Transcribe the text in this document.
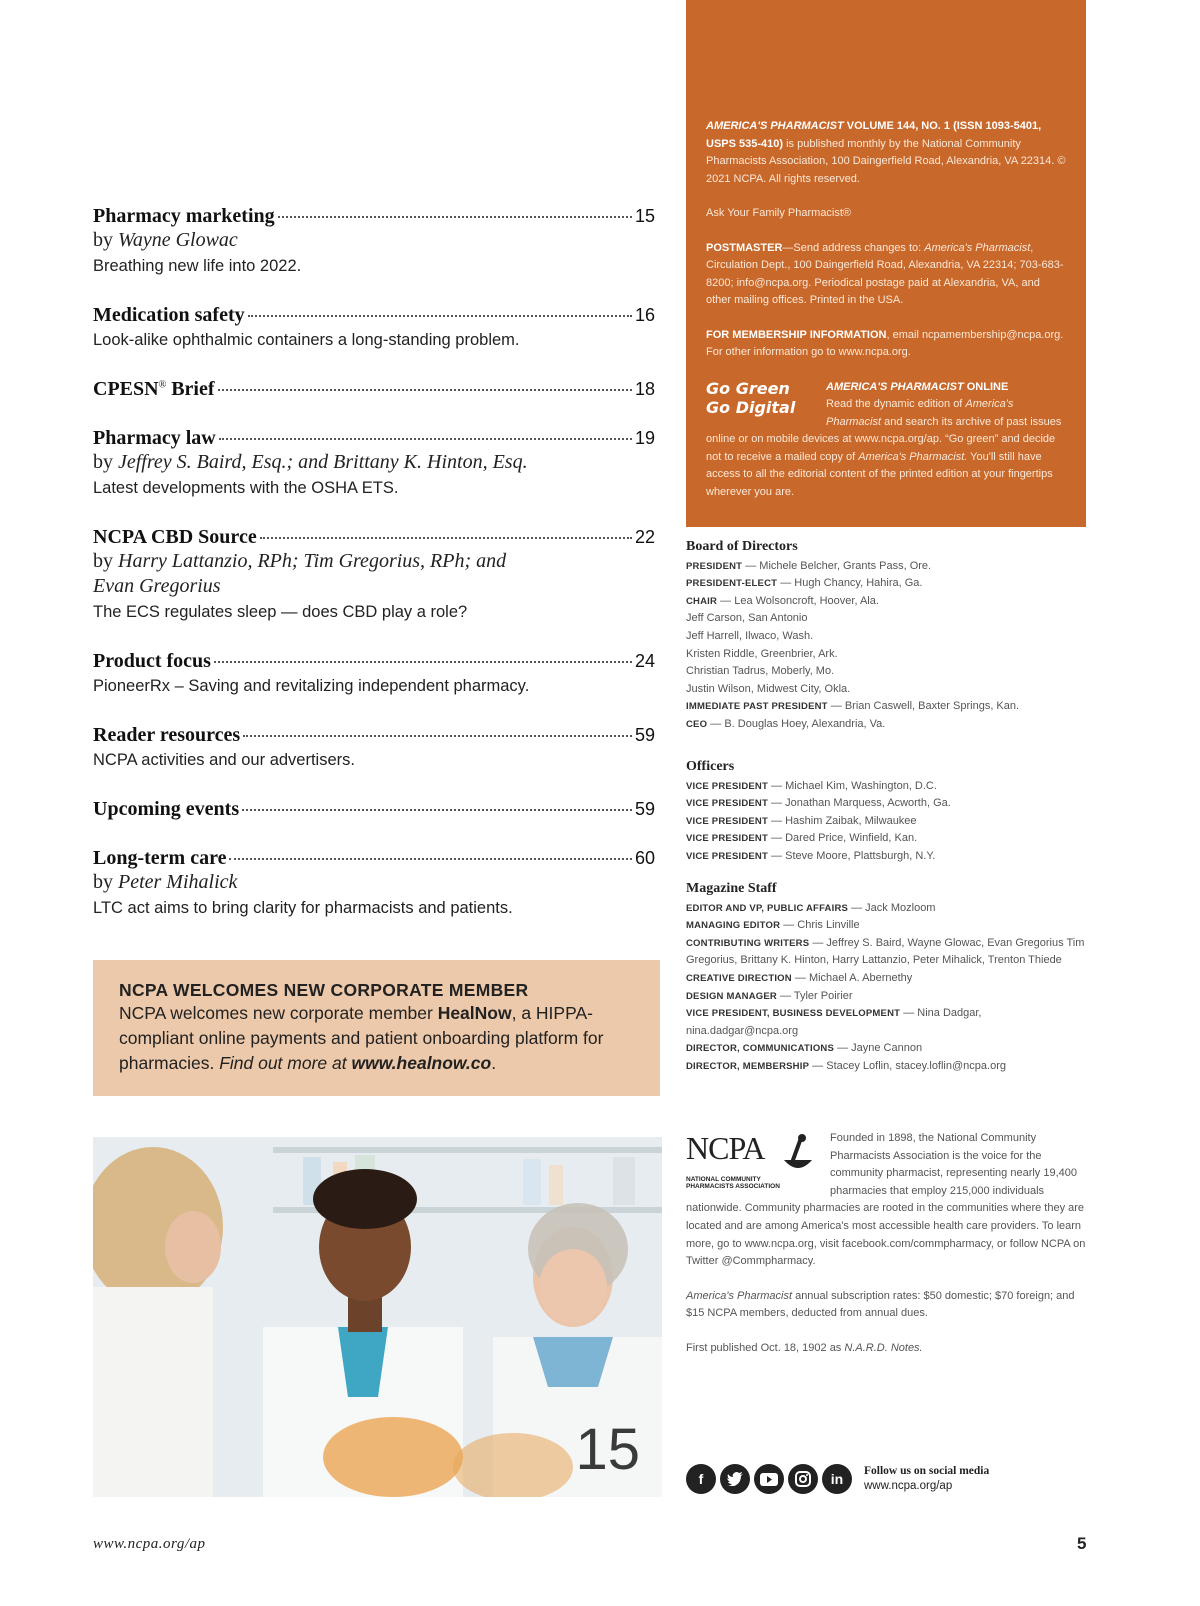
Pharmacy marketing	15
by Wayne Glowac
Breathing new life into 2022.
Medication safety	16
Look-alike ophthalmic containers a long-standing problem.
CPESN® Brief	18
Pharmacy law	19
by Jeffrey S. Baird, Esq.; and Brittany K. Hinton, Esq.
Latest developments with the OSHA ETS.
NCPA CBD Source	22
by Harry Lattanzio, RPh; Tim Gregorius, RPh; and
Evan Gregorius
The ECS regulates sleep — does CBD play a role?
Product focus	24
PioneerRx – Saving and revitalizing independent pharmacy.
Reader resources	59
NCPA activities and our advertisers.
Upcoming events	59
Long-term care	60
by Peter Mihalick
LTC act aims to bring clarity for pharmacists and patients.
NCPA WELCOMES NEW CORPORATE MEMBER
NCPA welcomes new corporate member HealNow, a HIPPA-compliant online payments and patient onboarding platform for pharmacies. Find out more at www.healnow.co.
15

AMERICA'S PHARMACIST VOLUME 144, NO. 1 (ISSN 1093-5401, USPS 535-410) is published monthly by the National Community Pharmacists Association, 100 Daingerfield Road, Alexandria, VA 22314. © 2021 NCPA. All rights reserved.

Ask Your Family Pharmacist®

POSTMASTER—Send address changes to: America's Pharmacist, Circulation Dept., 100 Daingerfield Road, Alexandria, VA 22314; 703-683-8200; info@ncpa.org. Periodical postage paid at Alexandria, VA, and other mailing offices. Printed in the USA.

FOR MEMBERSHIP INFORMATION, email ncpamembership@ncpa.org. For other information go to www.ncpa.org.

Go Green
Go Digital
AMERICA'S PHARMACIST ONLINE
Read the dynamic edition of America's Pharmacist and search its archive of past issues online or on mobile devices at www.ncpa.org/ap. “Go green” and decide not to receive a mailed copy of America's Pharmacist. You'll still have access to all the editorial content of the printed edition at your fingertips wherever you are.
Board of Directors
PRESIDENT — Michele Belcher, Grants Pass, Ore.
PRESIDENT-ELECT — Hugh Chancy, Hahira, Ga.
CHAIR — Lea Wolsoncroft, Hoover, Ala.
Jeff Carson, San Antonio
Jeff Harrell, Ilwaco, Wash.
Kristen Riddle, Greenbrier, Ark.
Christian Tadrus, Moberly, Mo.
Justin Wilson, Midwest City, Okla.
IMMEDIATE PAST PRESIDENT — Brian Caswell, Baxter Springs, Kan.
CEO — B. Douglas Hoey, Alexandria, Va.
Officers
VICE PRESIDENT — Michael Kim, Washington, D.C.
VICE PRESIDENT — Jonathan Marquess, Acworth, Ga.
VICE PRESIDENT — Hashim Zaibak, Milwaukee
VICE PRESIDENT — Dared Price, Winfield, Kan.
VICE PRESIDENT — Steve Moore, Plattsburgh, N.Y.
Magazine Staff
EDITOR AND VP, PUBLIC AFFAIRS — Jack Mozloom
MANAGING EDITOR — Chris Linville
CONTRIBUTING WRITERS — Jeffrey S. Baird, Wayne Glowac, Evan Gregorius Tim Gregorius, Brittany K. Hinton, Harry Lattanzio, Peter Mihalick, Trenton Thiede
CREATIVE DIRECTION — Michael A. Abernethy
DESIGN MANAGER — Tyler Poirier
VICE PRESIDENT, BUSINESS DEVELOPMENT — Nina Dadgar, nina.dadgar@ncpa.org
DIRECTOR, COMMUNICATIONS — Jayne Cannon
DIRECTOR, MEMBERSHIP — Stacey Loflin, stacey.loflin@ncpa.org
NCPA
NATIONAL COMMUNITY
PHARMACISTS ASSOCIATION

Founded in 1898, the National Community Pharmacists Association is the voice for the community pharmacist, representing nearly 19,400 pharmacies that employ 215,000 individuals nationwide. Community pharmacies are rooted in the communities where they are located and are among America's most accessible health care providers. To learn more, go to www.ncpa.org, visit facebook.com/commpharmacy, or follow NCPA on Twitter @Commpharmacy.

America's Pharmacist annual subscription rates: $50 domestic; $70 foreign; and $15 NCPA members, deducted from annual dues.

First published Oct. 18, 1902 as N.A.R.D. Notes.

f	in	Follow us on social media
www.ncpa.org/ap
www.ncpa.org/ap	5
